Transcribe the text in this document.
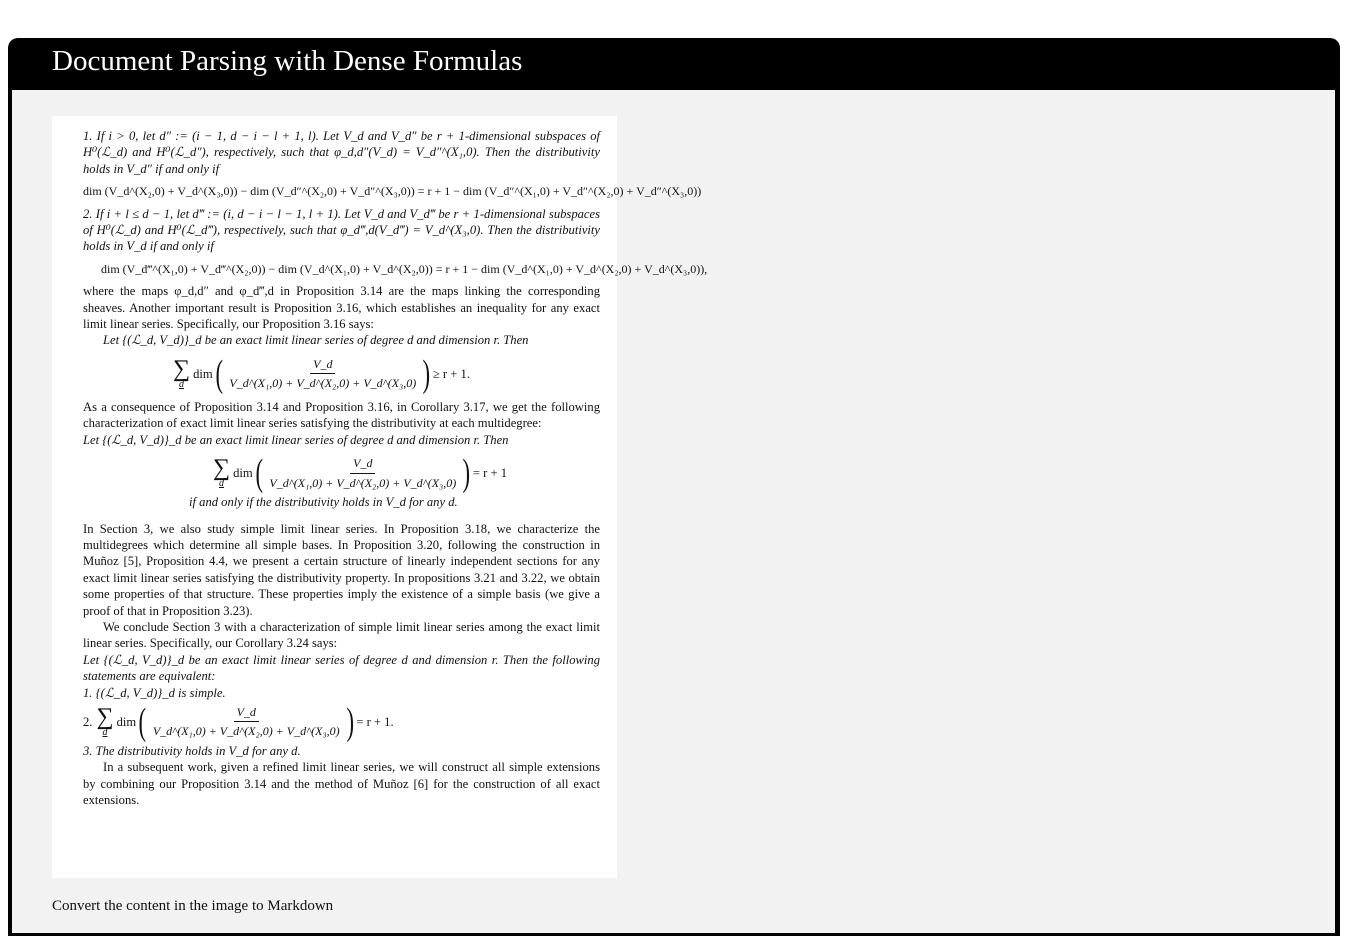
Document Parsing with Dense Formulas

1. If i > 0, let d″ := (i − 1, d − i − l + 1, l). Let V_d and V_d″ be r + 1-dimensional subspaces of H⁰(ℒ_d) and H⁰(ℒ_d″), respectively, such that φ_d,d″(V_d) = V_d″^(X₁,0). Then the distributivity holds in V_d″ if and only if

dim (V_d^(X₂,0) + V_d^(X₃,0)) − dim (V_d″^(X₂,0) + V_d″^(X₃,0)) = r + 1 − dim (V_d″^(X₁,0) + V_d″^(X₂,0) + V_d″^(X₃,0))

2. If i + l ≤ d − 1, let d‴ := (i, d − i − l − 1, l + 1). Let V_d and V_d‴ be r + 1-dimensional subspaces of H⁰(ℒ_d) and H⁰(ℒ_d‴), respectively, such that φ_d‴,d(V_d‴) = V_d^(X₃,0). Then the distributivity holds in V_d if and only if

dim (V_d‴^(X₁,0) + V_d‴^(X₂,0)) − dim (V_d^(X₁,0) + V_d^(X₂,0)) = r + 1 − dim (V_d^(X₁,0) + V_d^(X₂,0) + V_d^(X₃,0)),

where the maps φ_d,d″ and φ_d‴,d in Proposition 3.14 are the maps linking the corresponding sheaves. Another important result is Proposition 3.16, which establishes an inequality for any exact limit linear series. Specifically, our Proposition 3.16 says:

Let {(ℒ_d, V_d)}_d be an exact limit linear series of degree d and dimension r. Then

∑
d
dim ( $\frac{V\_d}{\text{V\_d\textasciicircum{}(X₁,0) + V\_d\textasciicircum{}(X₂,0) + V\_d\textasciicircum{}(X₃,0)}}$ ) ≥ r + 1.

As a consequence of Proposition 3.14 and Proposition 3.16, in Corollary 3.17, we get the following characterization of exact limit linear series satisfying the distributivity at each multidegree:

Let {(ℒ_d, V_d)}_d be an exact limit linear series of degree d and dimension r. Then

∑
d
dim ( $\frac{V\_d}{\text{V\_d\textasciicircum{}(X₁,0) + V\_d\textasciicircum{}(X₂,0) + V\_d\textasciicircum{}(X₃,0)}}$ ) = r + 1

if and only if the distributivity holds in V_d for any d.

In Section 3, we also study simple limit linear series. In Proposition 3.18, we characterize the multidegrees which determine all simple bases. In Proposition 3.20, following the construction in Muñoz [5], Proposition 4.4, we present a certain structure of linearly independent sections for any exact limit linear series satisfying the distributivity property. In propositions 3.21 and 3.22, we obtain some properties of that structure. These properties imply the existence of a simple basis (we give a proof of that in Proposition 3.23).

We conclude Section 3 with a characterization of simple limit linear series among the exact limit linear series. Specifically, our Corollary 3.24 says:

Let {(ℒ_d, V_d)}_d be an exact limit linear series of degree d and dimension r. Then the following statements are equivalent:

1. {(ℒ_d, V_d)}_d is simple.

2. ∑
d
dim ( $\frac{V\_d}{\text{V\_d\textasciicircum{}(X₁,0) + V\_d\textasciicircum{}(X₂,0) + V\_d\textasciicircum{}(X₃,0)}}$ ) = r + 1.

3. The distributivity holds in V_d for any d.

In a subsequent work, given a refined limit linear series, we will construct all simple extensions by combining our Proposition 3.14 and the method of Muñoz [6] for the construction of all exact extensions.

Convert the content in the image to Markdown
